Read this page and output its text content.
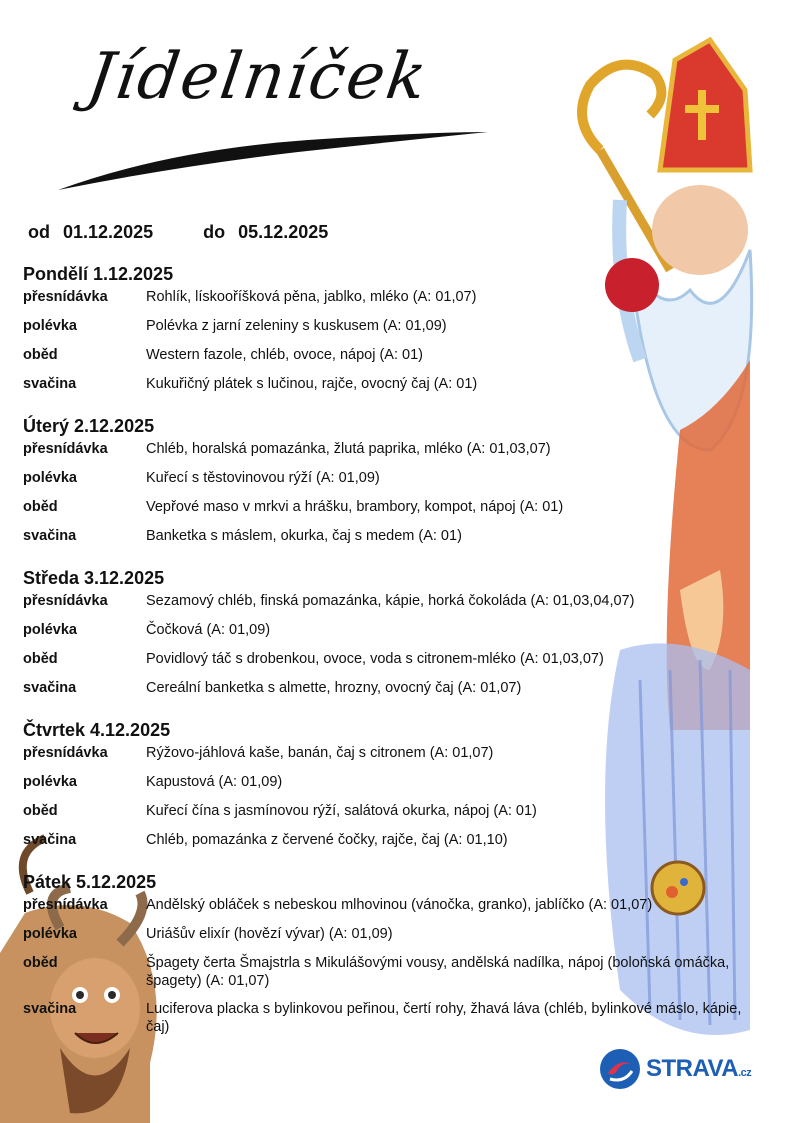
Jídelníček
od 01.12.2025	do 05.12.2025
Pondělí 1.12.2025
přesnídávka	Rohlík, lískooříšková pěna, jablko, mléko (A: 01,07)
polévka	Polévka z jarní zeleniny s kuskusem (A: 01,09)
oběd	Western fazole, chléb, ovoce, nápoj (A: 01)
svačina	Kukuřičný plátek s lučinou, rajče, ovocný čaj (A: 01)
Úterý 2.12.2025
přesnídávka	Chléb, horalská pomazánka, žlutá paprika, mléko (A: 01,03,07)
polévka	Kuřecí s těstovinovou rýží (A: 01,09)
oběd	Vepřové maso v mrkvi a hrášku, brambory, kompot, nápoj (A: 01)
svačina	Banketka s máslem, okurka, čaj s medem (A: 01)
Středa 3.12.2025
přesnídávka	Sezamový chléb, finská pomazánka, kápie, horká čokoláda (A: 01,03,04,07)
polévka	Čočková (A: 01,09)
oběd	Povidlový táč s drobenkou, ovoce, voda s citronem-mléko (A: 01,03,07)
svačina	Cereální banketka s almette, hrozny, ovocný čaj (A: 01,07)
Čtvrtek 4.12.2025
přesnídávka	Rýžovo-jáhlová kaše, banán, čaj s citronem (A: 01,07)
polévka	Kapustová (A: 01,09)
oběd	Kuřecí čína s jasmínovou rýží, salátová okurka, nápoj (A: 01)
svačina	Chléb, pomazánka z červené čočky, rajče, čaj (A: 01,10)
Pátek 5.12.2025
přesnídávka	Andělský obláček s nebeskou mlhovinou (vánočka, granko), jablíčko (A: 01,07)
polévka	Uriášův elixír (hovězí vývar) (A: 01,09)
oběd	Špagety čerta Šmajstrla s Mikulášovými vousy, andělská nadílka, nápoj (boloňská omáčka, špagety) (A: 01,07)
svačina	Luciferova placka s bylinkovou peřinou, čertí rohy, žhavá láva (chléb, bylinkové máslo, kápie, čaj)
STRAVA.cz
